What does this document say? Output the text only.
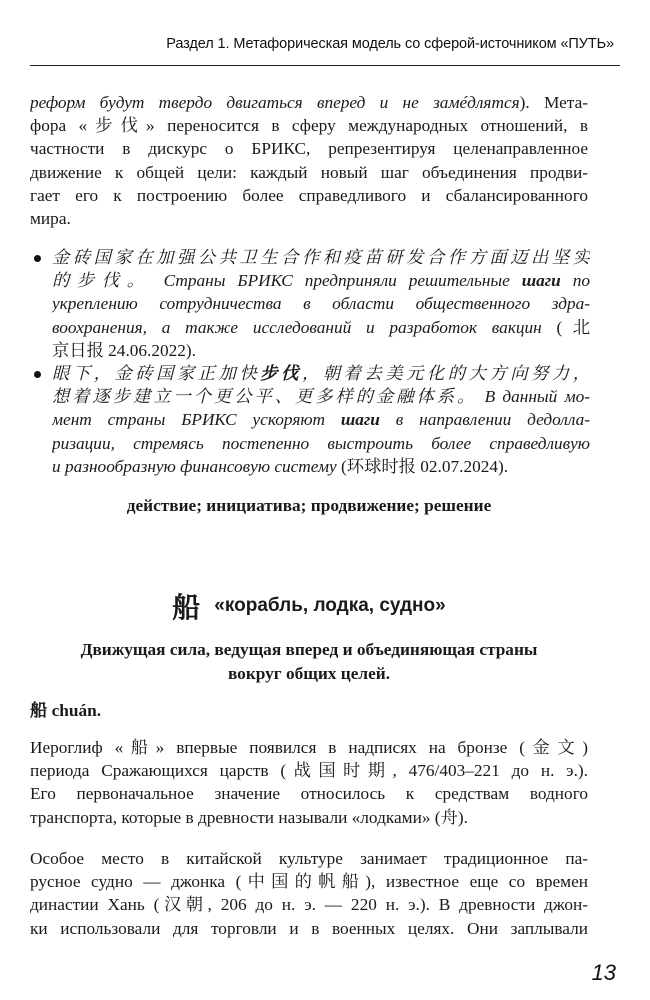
Раздел 1. Метафорическая модель со сферой-источником «ПУТЬ»
реформ будут твердо двигаться вперед и не замéдлятся). Мета-
фора «步伐» переносится в сферу международных отношений, в
частности в дискурс о БРИКС, репрезентируя целенаправленное
движение к общей цели: каждый новый шаг объединения продви-
гает его к построению более справедливого и сбалансированного
мира.
金砖国家在加强公共卫生合作和疫苗研发合作方面迈出坚实
的步伐。 Страны БРИКС предприняли решительные шаги по
укреплению сотрудничества в области общественного здра-
воохранения, а также исследований и разработок вакцин (北
京日报 24.06.2022).
眼下，金砖国家正加快步伐，朝着去美元化的大方向努力，
想着逐步建立一个更公平、更多样的金融体系。 В данный мо-
мент страны БРИКС ускоряют шаги в направлении дедолла-
ризации, стремясь постепенно выстроить более справедливую
и разнообразную финансовую систему (环球时报 02.07.2024).
действие; инициатива; продвижение; решение
船 «корабль, лодка, судно»
Движущая сила, ведущая вперед и объединяющая страны
вокруг общих целей.
船 chuán.
Иероглиф «船» впервые появился в надписях на бронзе (金文)
периода Сражающихся царств (战国时期, 476/403–221 до н. э.).
Его первоначальное значение относилось к средствам водного
транспорта, которые в древности называли «лодками» (舟).
Особое место в китайской культуре занимает традиционное па-
русное судно — джонка (中国的帆船), известное еще со времен
династии Хань (汉朝, 206 до н. э. — 220 н. э.). В древности джон-
ки использовали для торговли и в военных целях. Они заплывали
13
